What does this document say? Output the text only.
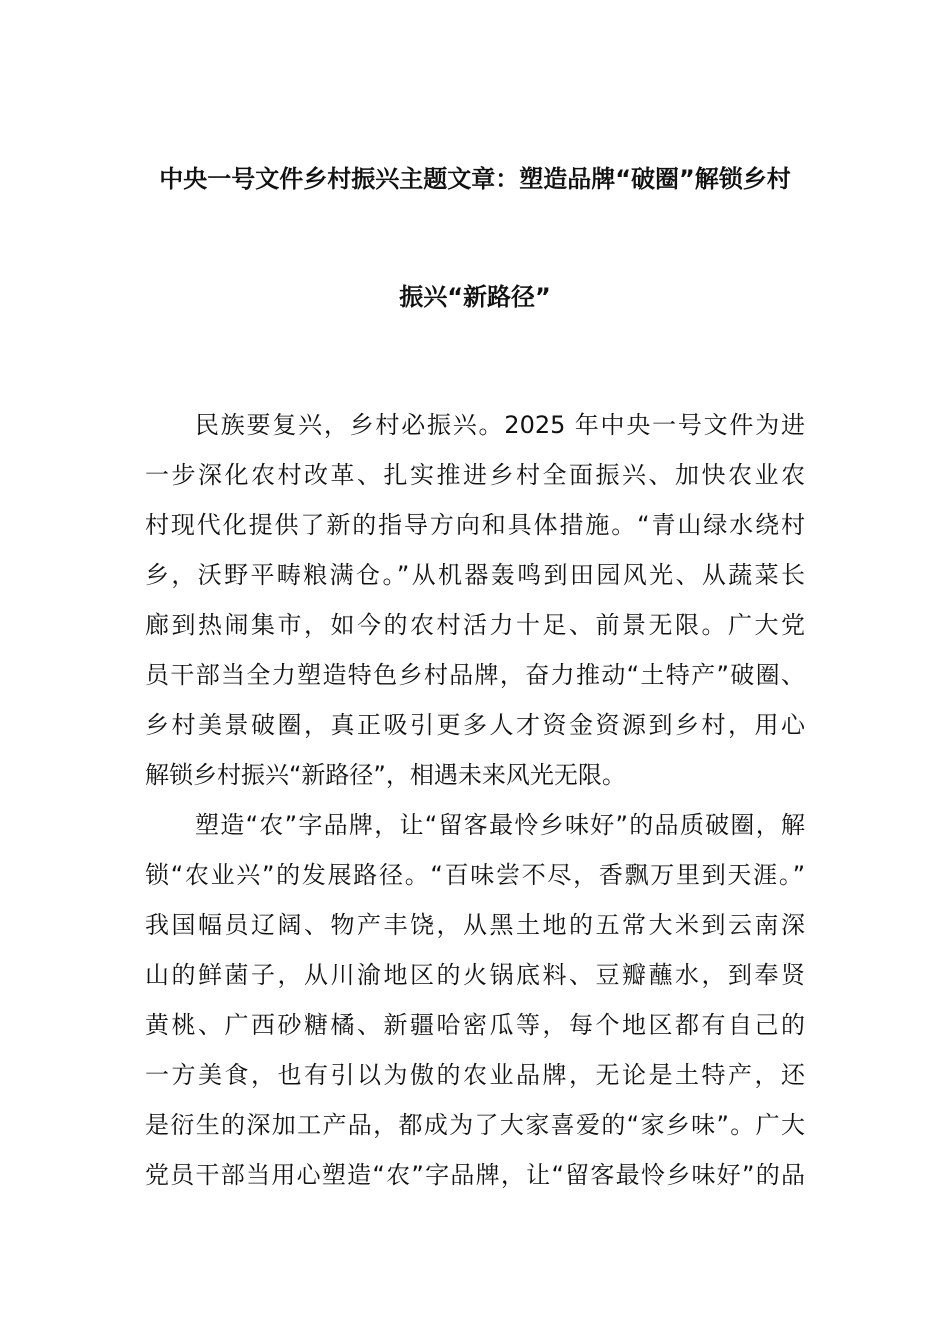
中央一号文件乡村振兴主题文章：塑造品牌“破圈”解锁乡村
振兴“新路径”
民族要复兴，乡村必振兴。2025 年中央一号文件为进
一步深化农村改革、扎实推进乡村全面振兴、加快农业农
村现代化提供了新的指导方向和具体措施。“青山绿水绕村
乡，沃野平畴粮满仓。”从机器轰鸣到田园风光、从蔬菜长
廊到热闹集市，如今的农村活力十足、前景无限。广大党
员干部当全力塑造特色乡村品牌，奋力推动“土特产”破圈、
乡村美景破圈，真正吸引更多人才资金资源到乡村，用心
解锁乡村振兴“新路径”，相遇未来风光无限。
塑造“农”字品牌，让“留客最怜乡味好”的品质破圈，解
锁“农业兴”的发展路径。“百味尝不尽，香飘万里到天涯。”
我国幅员辽阔、物产丰饶，从黑土地的五常大米到云南深
山的鲜菌子，从川渝地区的火锅底料、豆瓣蘸水，到奉贤
黄桃、广西砂糖橘、新疆哈密瓜等，每个地区都有自己的
一方美食，也有引以为傲的农业品牌，无论是土特产，还
是衍生的深加工产品，都成为了大家喜爱的“家乡味”。广大
党员干部当用心塑造“农”字品牌，让“留客最怜乡味好”的品
